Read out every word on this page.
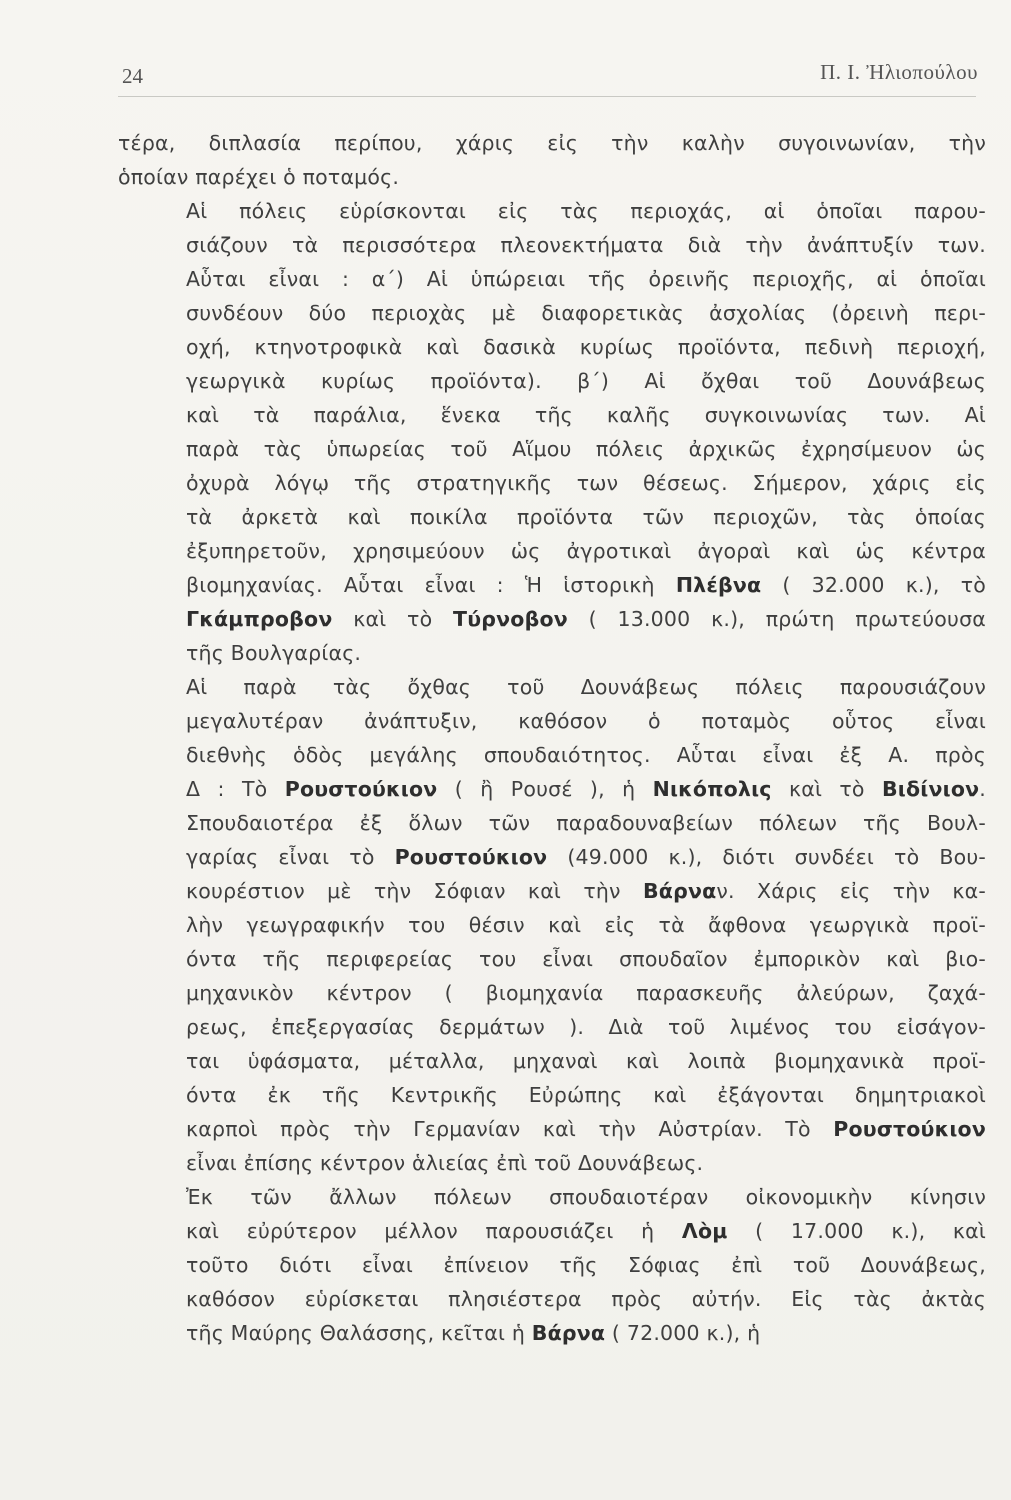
24	Π. Ι. Ἠλιοπούλου
τέρα, διπλασία περίπου, χάρις εἰς τὴν καλὴν συγοινωνίαν, τὴν
ὁποίαν παρέχει ὁ ποταμός.
Αἱ πόλεις εὑρίσκονται εἰς τὰς περιοχάς, αἱ ὁποῖαι παρου-
σιάζουν τὰ περισσότερα πλεονεκτήματα διὰ τὴν ἀνάπτυξίν των.
Αὗται εἶναι : α΄) Αἱ ὑπώρειαι τῆς ὀρεινῆς περιοχῆς, αἱ ὁποῖαι
συνδέουν δύο περιοχὰς μὲ διαφορετικὰς ἀσχολίας (ὀρεινὴ περι-
οχή, κτηνοτροφικὰ καὶ δασικὰ κυρίως προϊόντα, πεδινὴ περιοχή,
γεωργικὰ κυρίως προϊόντα). β΄) Αἱ ὄχθαι τοῦ Δουνάβεως
καὶ τὰ παράλια, ἕνεκα τῆς καλῆς συγκοινωνίας των. Αἱ
παρὰ τὰς ὑπωρείας τοῦ Αἵμου πόλεις ἀρχικῶς ἐχρησίμευον ὡς
ὀχυρὰ λόγῳ τῆς στρατηγικῆς των θέσεως. Σήμερον, χάρις εἰς
τὰ ἀρκετὰ καὶ ποικίλα προϊόντα τῶν περιοχῶν, τὰς ὁποίας
ἐξυπηρετοῦν, χρησιμεύουν ὡς ἀγροτικαὶ ἀγοραὶ καὶ ὡς κέντρα
βιομηχανίας. Αὗται εἶναι : Ἡ ἱστορικὴ Πλέβνα ( 32.000 κ.), τὸ
Γκάμπροβον καὶ τὸ Τύρνοβον ( 13.000 κ.), πρώτη πρωτεύουσα
τῆς Βουλγαρίας.
Αἱ παρὰ τὰς ὄχθας τοῦ Δουνάβεως πόλεις παρουσιάζουν
μεγαλυτέραν ἀνάπτυξιν, καθόσον ὁ ποταμὸς οὗτος εἶναι
διεθνὴς ὁδὸς μεγάλης σπουδαιότητος. Αὗται εἶναι ἐξ Α. πρὸς
Δ : Τὸ Ρουστούκιον ( ἢ Ρουσέ ), ἡ Νικόπολις καὶ τὸ Βιδίνιον.
Σπουδαιοτέρα ἐξ ὅλων τῶν παραδουναβείων πόλεων τῆς Βουλ-
γαρίας εἶναι τὸ Ρουστούκιον (49.000 κ.), διότι συνδέει τὸ Βου-
κουρέστιον μὲ τὴν Σόφιαν καὶ τὴν Βάρναν. Χάρις εἰς τὴν κα-
λὴν γεωγραφικήν του θέσιν καὶ εἰς τὰ ἄφθονα γεωργικὰ προϊ-
όντα τῆς περιφερείας του εἶναι σπουδαῖον ἐμπορικὸν καὶ βιο-
μηχανικὸν κέντρον ( βιομηχανία παρασκευῆς ἀλεύρων, ζαχά-
ρεως, ἐπεξεργασίας δερμάτων ). Διὰ τοῦ λιμένος του εἰσάγον-
ται ὑφάσματα, μέταλλα, μηχαναὶ καὶ λοιπὰ βιομηχανικὰ προϊ-
όντα ἐκ τῆς Κεντρικῆς Εὐρώπης καὶ ἐξάγονται δημητριακοὶ
καρποὶ πρὸς τὴν Γερμανίαν καὶ τὴν Αὐστρίαν. Τὸ Ρουστούκιον
εἶναι ἐπίσης κέντρον ἁλιείας ἐπὶ τοῦ Δουνάβεως.
Ἐκ τῶν ἄλλων πόλεων σπουδαιοτέραν οἰκονομικὴν κίνησιν
καὶ εὐρύτερον μέλλον παρουσιάζει ἡ Λὸμ ( 17.000 κ.), καὶ
τοῦτο διότι εἶναι ἐπίνειον τῆς Σόφιας ἐπὶ τοῦ Δουνάβεως,
καθόσον εὑρίσκεται πλησιέστερα πρὸς αὐτήν. Εἰς τὰς ἀκτὰς
τῆς Μαύρης Θαλάσσης, κεῖται ἡ Βάρνα ( 72.000 κ.), ἡ
